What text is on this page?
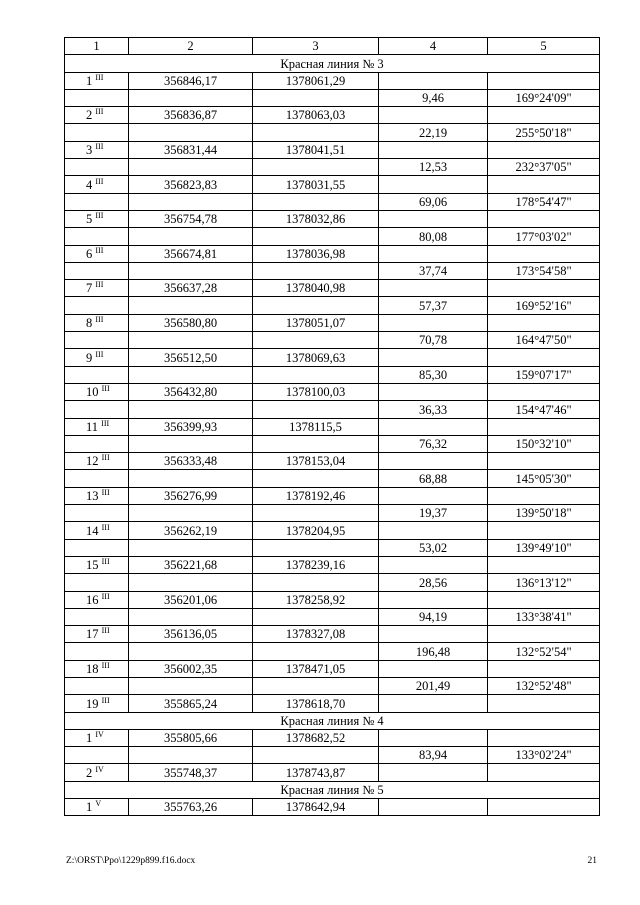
1	2	3	4	5
Красная линия № 3				
1 $^{III}$	356846,17	1378061,29		
			9,46	169°24'09"
2 $^{III}$	356836,87	1378063,03		
			22,19	255°50'18"
3 $^{III}$	356831,44	1378041,51		
			12,53	232°37'05"
4 $^{III}$	356823,83	1378031,55		
			69,06	178°54'47"
5 $^{III}$	356754,78	1378032,86		
			80,08	177°03'02"
6 $^{III}$	356674,81	1378036,98		
			37,74	173°54'58"
7 $^{III}$	356637,28	1378040,98		
			57,37	169°52'16"
8 $^{III}$	356580,80	1378051,07		
			70,78	164°47'50"
9 $^{III}$	356512,50	1378069,63		
			85,30	159°07'17"
10 $^{III}$	356432,80	1378100,03		
			36,33	154°47'46"
11 $^{III}$	356399,93	1378115,5		
			76,32	150°32'10"
12 $^{III}$	356333,48	1378153,04		
			68,88	145°05'30"
13 $^{III}$	356276,99	1378192,46		
			19,37	139°50'18"
14 $^{III}$	356262,19	1378204,95		
			53,02	139°49'10"
15 $^{III}$	356221,68	1378239,16		
			28,56	136°13'12"
16 $^{III}$	356201,06	1378258,92		
			94,19	133°38'41"
17 $^{III}$	356136,05	1378327,08		
			196,48	132°52'54"
18 $^{III}$	356002,35	1378471,05		
			201,49	132°52'48"
19 $^{III}$	355865,24	1378618,70		
Красная линия № 4				
1 $^{IV}$	355805,66	1378682,52		
			83,94	133°02'24"
2 $^{IV}$	355748,37	1378743,87		
Красная линия № 5				
1 $^V$	355763,26	1378642,94		
Z:\ORST\Ppo\1229p899.f16.docx	21
